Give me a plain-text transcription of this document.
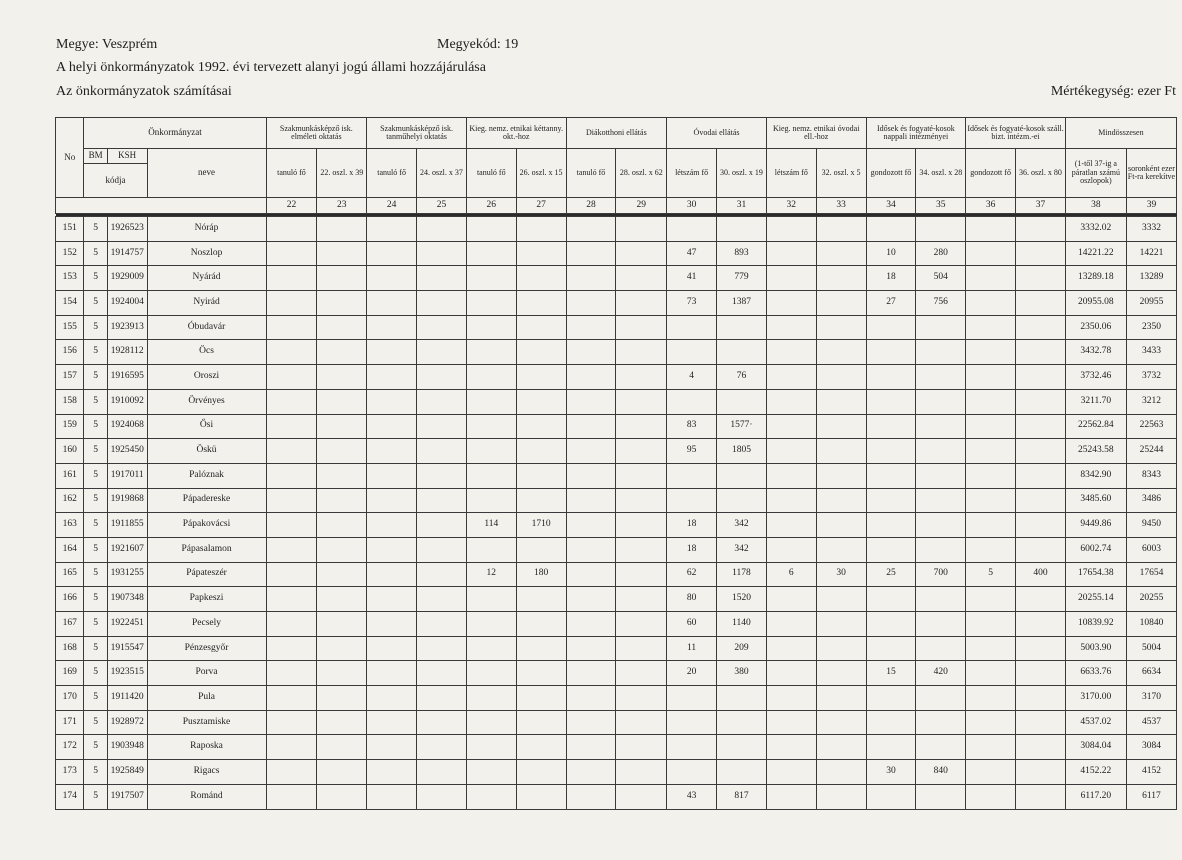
Megye: Veszprém	Megyekód: 19
A helyi önkormányzatok 1992. évi tervezett alanyi jogú állami hozzájárulása
Az önkormányzatok számításai	Mértékegység: ezer Ft
No	Önkormányzat			Szakmunkásképző isk. elméleti oktatás		Szakmunkásképző isk. tanműhelyi oktatás		Kieg. nemz. etnikai kéttanny. okt.-hoz		Diákotthoni ellátás		Óvodai ellátás		Kieg. nemz. etnikai óvodai ell.-hoz		Idősek és fogyaté-kosok nappali intézményei		Idősek és fogyaté-kosok száll. bizt. intézm.-ei		Mindösszesen	
	BM	KSH	neve	tanuló fő	22. oszl. x 39	tanuló fő	24. oszl. x 37	tanuló fő	26. oszl. x 15	tanuló fő	28. oszl. x 62	létszám fő	30. oszl. x 19	létszám fő	32. oszl. x 5	gondozott fő	34. oszl. x 28	gondozott fő	36. oszl. x 80	(1-től 37-ig a páratlan számú oszlopok)	soronként ezer Ft-ra kerekítve
	kódja																				
				22	23	24	25	26	27	28	29	30	31	32	33	34	35	36	37	38	39

151	5	1926523	Nóráp																	3332.02	3332
152	5	1914757	Noszlop									47	893			10	280			14221.22	14221
153	5	1929009	Nyárád									41	779			18	504			13289.18	13289
154	5	1924004	Nyirád									73	1387			27	756			20955.08	20955
155	5	1923913	Óbudavár																	2350.06	2350
156	5	1928112	Öcs																	3432.78	3433
157	5	1916595	Oroszi									4	76							3732.46	3732
158	5	1910092	Örvényes																	3211.70	3212
159	5	1924068	Ősi									83	1577·							22562.84	22563
160	5	1925450	Öskü									95	1805							25243.58	25244
161	5	1917011	Palóznak																	8342.90	8343
162	5	1919868	Pápadereske																	3485.60	3486
163	5	1911855	Pápakovácsi					114	1710			18	342							9449.86	9450
164	5	1921607	Pápasalamon									18	342							6002.74	6003
165	5	1931255	Pápateszér					12	180			62	1178	6	30	25	700	5	400	17654.38	17654
166	5	1907348	Papkeszi									80	1520							20255.14	20255
167	5	1922451	Pecsely									60	1140							10839.92	10840
168	5	1915547	Pénzesgyőr									11	209							5003.90	5004
169	5	1923515	Porva									20	380			15	420			6633.76	6634
170	5	1911420	Pula																	3170.00	3170
171	5	1928972	Pusztamiske																	4537.02	4537
172	5	1903948	Raposka																	3084.04	3084
173	5	1925849	Rigacs													30	840			4152.22	4152
174	5	1917507	Románd									43	817							6117.20	6117
